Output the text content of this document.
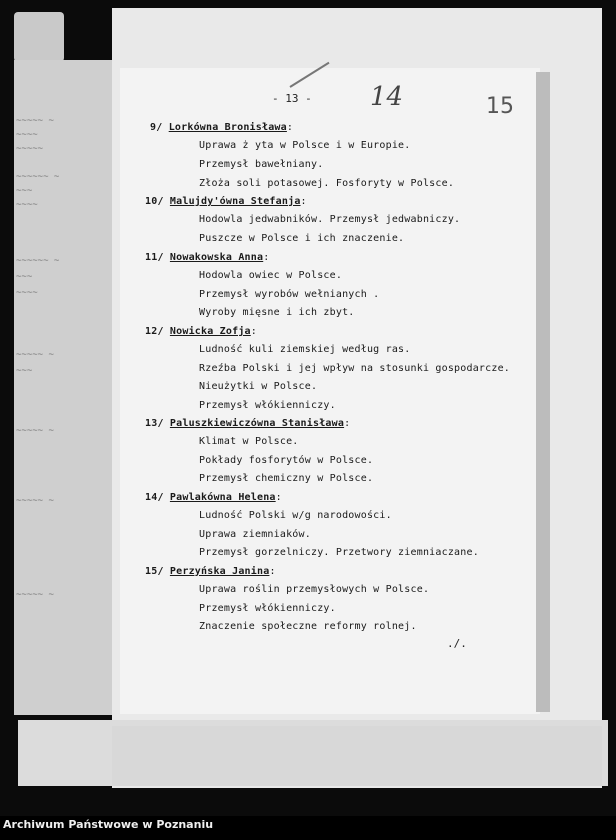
~~~~~ ~
~~~~
~~~~~
~~~~~~ ~
~~~
~~~~
~~~~~~ ~
~~~
~~~~
~~~~~ ~
~~~
~~~~~ ~
~~~~~ ~
~~~~~ ~
- 13 - 14	15
9/ Lorkówna Bronisława:
Uprawa ż yta w Polsce i w Europie.
Przemysł bawełniany.
Złoża soli potasowej. Fosforyty w Polsce.
10/ Malujdy'ówna Stefanja:
Hodowla jedwabników. Przemysł jedwabniczy.
Puszcze w Polsce i ich znaczenie.
11/ Nowakowska Anna:
Hodowla owiec w Polsce.
Przemysł wyrobów wełnianych .
Wyroby mięsne i ich zbyt.
12/ Nowicka Zofja:
Ludność kuli ziemskiej według ras.
Rzeźba Polski i jej wpływ na stosunki gospodarcze.
Nieużytki w Polsce.
Przemysł włókienniczy.
13/ Paluszkiewiczówna Stanisława:
Klimat w Polsce.
Pokłady fosforytów w Polsce.
Przemysł chemiczny w Polsce.
14/ Pawlakówna Helena:
Ludność Polski w/g narodowości.
Uprawa ziemniaków.
Przemysł gorzelniczy. Przetwory ziemniaczane.
15/ Perzyńska Janina:
Uprawa roślin przemysłowych w Polsce.
Przemysł włókienniczy.
Znaczenie społeczne reformy rolnej.
./.
Archiwum Państwowe w Poznaniu
